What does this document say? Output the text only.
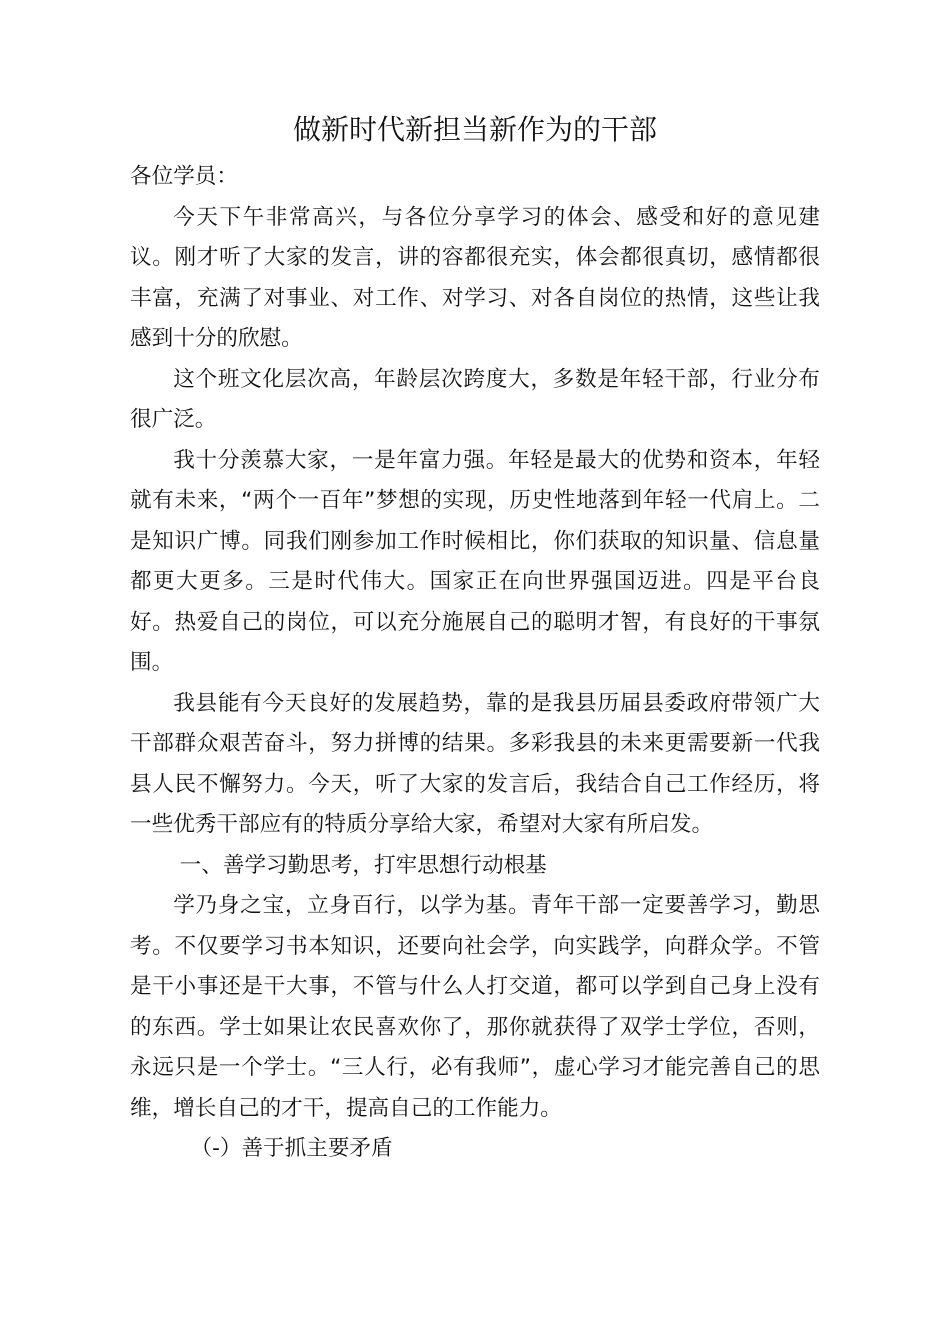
做新时代新担当新作为的干部

各位学员：

今天下午非常高兴，与各位分享学习的体会、感受和好的意见建议。刚才听了大家的发言，讲的容都很充实，体会都很真切，感情都很丰富，充满了对事业、对工作、对学习、对各自岗位的热情，这些让我感到十分的欣慰。

这个班文化层次高，年龄层次跨度大，多数是年轻干部，行业分布很广泛。

我十分羡慕大家，一是年富力强。年轻是最大的优势和资本，年轻就有未来，“两个一百年”梦想的实现，历史性地落到年轻一代肩上。二是知识广博。同我们刚参加工作时候相比，你们获取的知识量、信息量都更大更多。三是时代伟大。国家正在向世界强国迈进。四是平台良好。热爱自己的岗位，可以充分施展自己的聪明才智，有良好的干事氛围。

我县能有今天良好的发展趋势，靠的是我县历届县委政府带领广大干部群众艰苦奋斗，努力拼博的结果。多彩我县的未来更需要新一代我县人民不懈努力。今天，听了大家的发言后，我结合自己工作经历，将一些优秀干部应有的特质分享给大家，希望对大家有所启发。

一、善学习勤思考，打牢思想行动根基

学乃身之宝，立身百行，以学为基。青年干部一定要善学习，勤思考。不仅要学习书本知识，还要向社会学，向实践学，向群众学。不管是干小事还是干大事，不管与什么人打交道，都可以学到自己身上没有的东西。学士如果让农民喜欢你了，那你就获得了双学士学位，否则，永远只是一个学士。“三人行，必有我师”，虚心学习才能完善自己的思维，增长自己的才干，提高自己的工作能力。

（-）善于抓主要矛盾
